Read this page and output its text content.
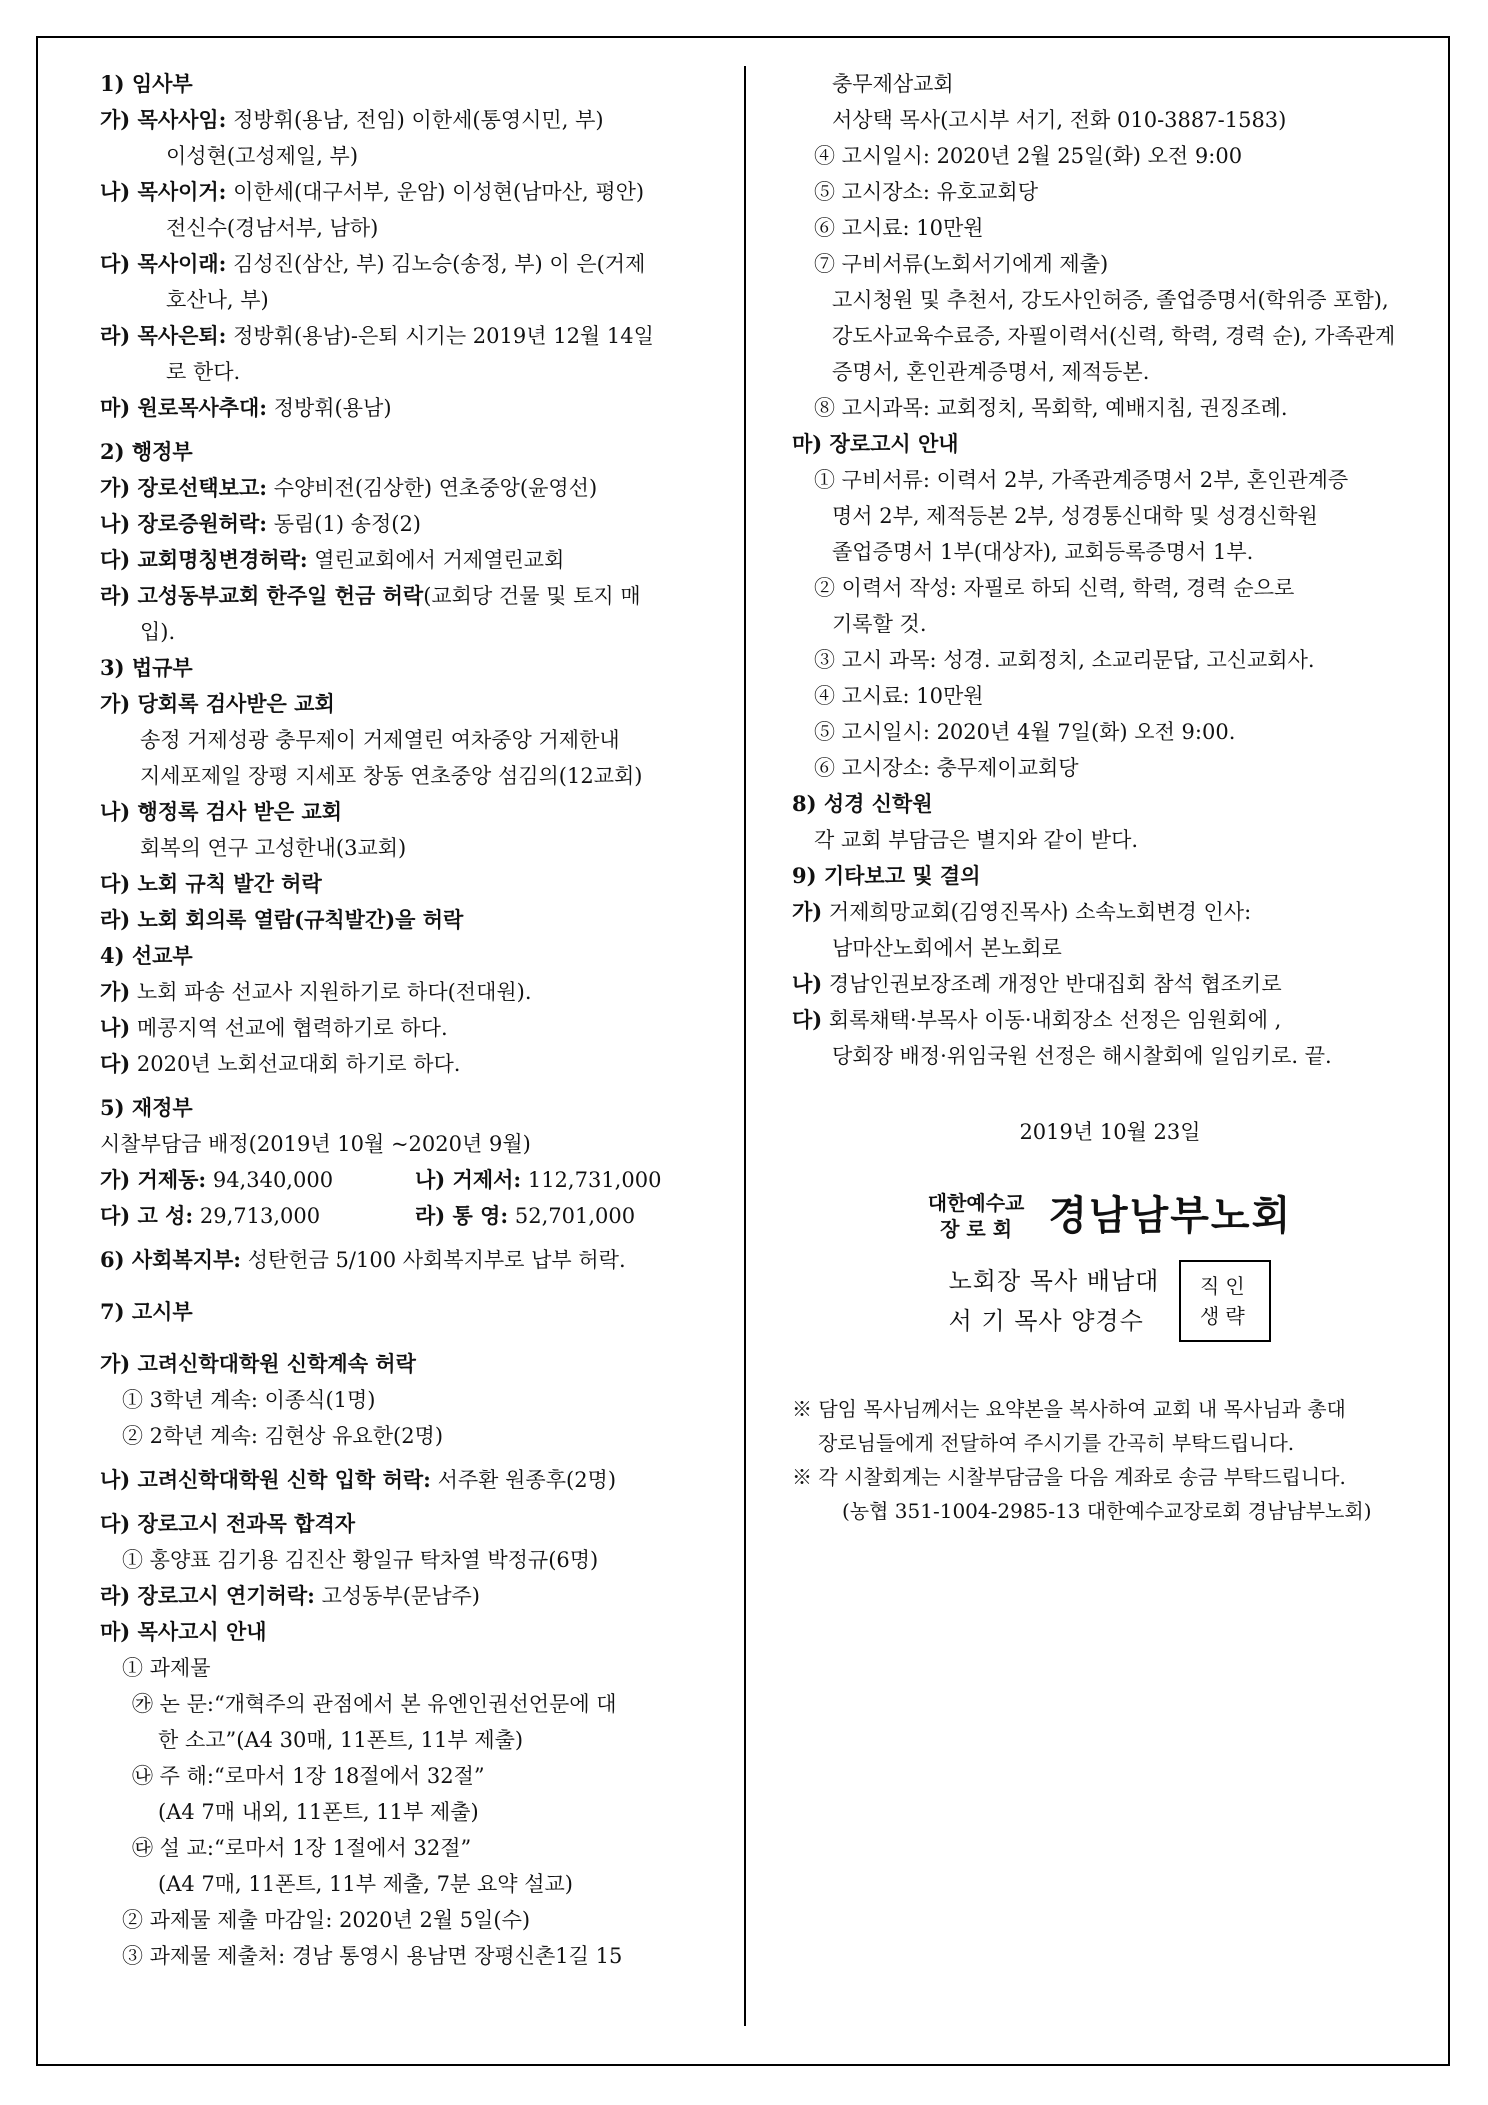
1) 임사부
가) 목사사임: 정방휘(용남, 전임) 이한세(통영시민, 부)
이성현(고성제일, 부)
나) 목사이거: 이한세(대구서부, 운암) 이성현(남마산, 평안)
전신수(경남서부, 남하)
다) 목사이래: 김성진(삼산, 부) 김노승(송정, 부) 이 은(거제
호산나, 부)
라) 목사은퇴: 정방휘(용남)-은퇴 시기는 2019년 12월 14일
로 한다.
마) 원로목사추대: 정방휘(용남)
2) 행정부
가) 장로선택보고: 수양비전(김상한) 연초중앙(윤영선)
나) 장로증원허락: 동림(1) 송정(2)
다) 교회명칭변경허락: 열린교회에서 거제열린교회
라) 고성동부교회 한주일 헌금 허락(교회당 건물 및 토지 매
입).
3) 법규부
가) 당회록 검사받은 교회
송정 거제성광 충무제이 거제열린 여차중앙 거제한내
지세포제일 장평 지세포 창동 연초중앙 섬김의(12교회)
나) 행정록 검사 받은 교회
회복의 연구 고성한내(3교회)
다) 노회 규칙 발간 허락
라) 노회 회의록 열람(규칙발간)을 허락
4) 선교부
가) 노회 파송 선교사 지원하기로 하다(전대원).
나) 메콩지역 선교에 협력하기로 하다.
다) 2020년 노회선교대회 하기로 하다.
5) 재정부
시찰부담금 배정(2019년 10월 ~2020년 9월)
가) 거제동: 94,340,000	나) 거제서: 112,731,000
다) 고 성: 29,713,000	라) 통 영: 52,701,000
6) 사회복지부: 성탄헌금 5/100 사회복지부로 납부 허락.
7) 고시부
가) 고려신학대학원 신학계속 허락
① 3학년 계속: 이종식(1명)
② 2학년 계속: 김현상 유요한(2명)
나) 고려신학대학원 신학 입학 허락: 서주환 원종후(2명)
다) 장로고시 전과목 합격자
① 홍양표 김기용 김진산 황일규 탁차열 박정규(6명)
라) 장로고시 연기허락: 고성동부(문남주)
마) 목사고시 안내
① 과제물
㉮ 논 문:“개혁주의 관점에서 본 유엔인권선언문에 대
한 소고”(A4 30매, 11폰트, 11부 제출)
㉯ 주 해:“로마서 1장 18절에서 32절”
(A4 7매 내외, 11폰트, 11부 제출)
㉰ 설 교:“로마서 1장 1절에서 32절”
(A4 7매, 11폰트, 11부 제출, 7분 요약 설교)
② 과제물 제출 마감일: 2020년 2월 5일(수)
③ 과제물 제출처: 경남 통영시 용남면 장평신촌1길 15
충무제삼교회
서상택 목사(고시부 서기, 전화 010-3887-1583)
④ 고시일시: 2020년 2월 25일(화) 오전 9:00
⑤ 고시장소: 유호교회당
⑥ 고시료: 10만원
⑦ 구비서류(노회서기에게 제출)
고시청원 및 추천서, 강도사인허증, 졸업증명서(학위증 포함),
강도사교육수료증, 자필이력서(신력, 학력, 경력 순), 가족관계
증명서, 혼인관계증명서, 제적등본.
⑧ 고시과목: 교회정치, 목회학, 예배지침, 권징조례.
마) 장로고시 안내
① 구비서류: 이력서 2부, 가족관계증명서 2부, 혼인관계증
명서 2부, 제적등본 2부, 성경통신대학 및 성경신학원
졸업증명서 1부(대상자), 교회등록증명서 1부.
② 이력서 작성: 자필로 하되 신력, 학력, 경력 순으로
기록할 것.
③ 고시 과목: 성경. 교회정치, 소교리문답, 고신교회사.
④ 고시료: 10만원
⑤ 고시일시: 2020년 4월 7일(화) 오전 9:00.
⑥ 고시장소: 충무제이교회당
8) 성경 신학원
각 교회 부담금은 별지와 같이 받다.
9) 기타보고 및 결의
가) 거제희망교회(김영진목사) 소속노회변경 인사:
남마산노회에서 본노회로
나) 경남인권보장조례 개정안 반대집회 참석 협조키로
다) 회록채택·부목사 이동·내회장소 선정은 임원회에 ,
당회장 배정·위임국원 선정은 해시찰회에 일임키로. 끝.
2019년 10월 23일
대한예수교
장 로 회 경남남부노회
노회장 목사 배남대
서 기 목사 양경수
직인
생략
※ 담임 목사님께서는 요약본을 복사하여 교회 내 목사님과 총대
장로님들에게 전달하여 주시기를 간곡히 부탁드립니다.
※ 각 시찰회계는 시찰부담금을 다음 계좌로 송금 부탁드립니다.
(농협 351-1004-2985-13 대한예수교장로회 경남남부노회)
